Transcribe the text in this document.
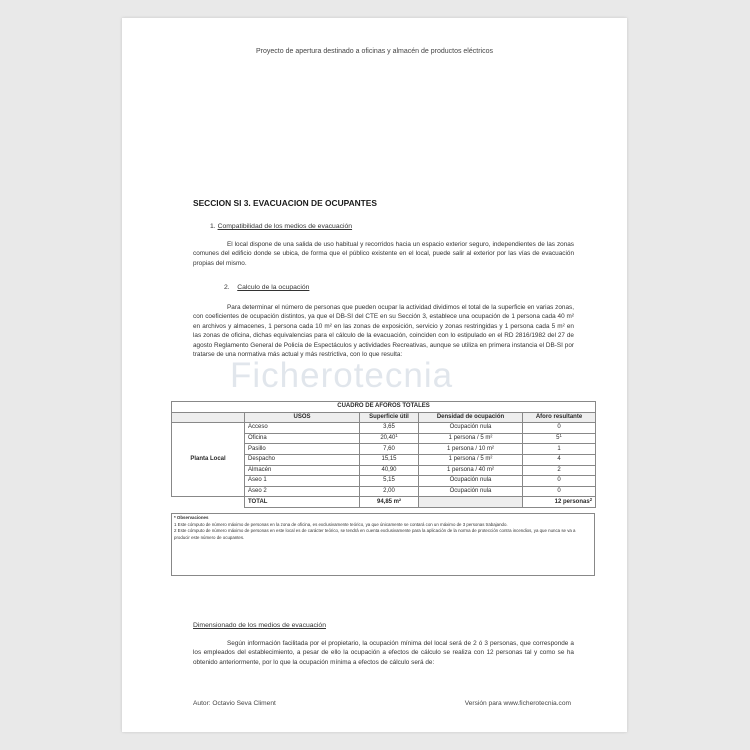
Proyecto de apertura destinado a oficinas y almacén de productos eléctricos
SECCION SI 3. EVACUACION DE OCUPANTES
1. Compatibilidad de los medios de evacuación
El local dispone de una salida de uso habitual y recorridos hacia un espacio exterior seguro, independientes de las zonas comunes del edificio donde se ubica, de forma que el público existente en el local, puede salir al exterior por las vías de evacuación propias del mismo.
2. Calculo de la ocupación
Para determinar el número de personas que pueden ocupar la actividad dividimos el total de la superficie en varias zonas, con coeficientes de ocupación distintos, ya que el DB-SI del CTE en su Sección 3, establece una ocupación de 1 persona cada 40 m² en archivos y almacenes, 1 persona cada 10 m² en las zonas de exposición, servicio y zonas restringidas y 1 persona cada 5 m² en las zonas de oficina, dichas equivalencias para el cálculo de la evacuación, coinciden con lo estipulado en el RD 2816/1982 del 27 de agosto Reglamento General de Policía de Espectáculos y actividades Recreativas, aunque se utiliza en primera instancia el DB-SI por tratarse de una normativa más actual y más restrictiva, con lo que resulta:
Ficherotecnia
CUADRO DE AFOROS TOTALES				
	USOS	Superficie útil	Densidad de ocupación	Aforo resultante
Planta Local	Acceso	3,65	Ocupación nula	0
	Oficina	20,40$^1$	1 persona / 5 m²	$5^1$
	Pasillo	7,60	1 persona / 10 m²	1
	Despacho	15,15	1 persona / 5 m²	4
	Almacén	40,90	1 persona / 40 m²	2
	Aseo 1	5,15	Ocupación nula	0
	Aseo 2	2,00	Ocupación nula	0
	TOTAL	94,85 m²		12 personas$^2$
* Observaciones
1 Este cómputo de número máximo de personas en la zona de oficina, es exclusivamente teórico, ya que únicamente se contará con un máximo de 3 personas trabajando.
2 Este cómputo de número máximo de personas en este local es de carácter teórico, se tendrá en cuenta exclusivamente para la aplicación de la norma de protección contra incendios, ya que nunca se va a producir este número de ocupantes.
Dimensionado de los medios de evacuación
Según información facilitada por el propietario, la ocupación mínima del local será de 2 ó 3 personas, que corresponde a los empleados del establecimiento, a pesar de ello la ocupación a efectos de cálculo se realiza con 12 personas tal y como se ha obtenido anteriormente, por lo que la ocupación mínima a efectos de cálculo será de:
Autor: Octavio Seva Climent	Versión para www.ficherotecnia.com
